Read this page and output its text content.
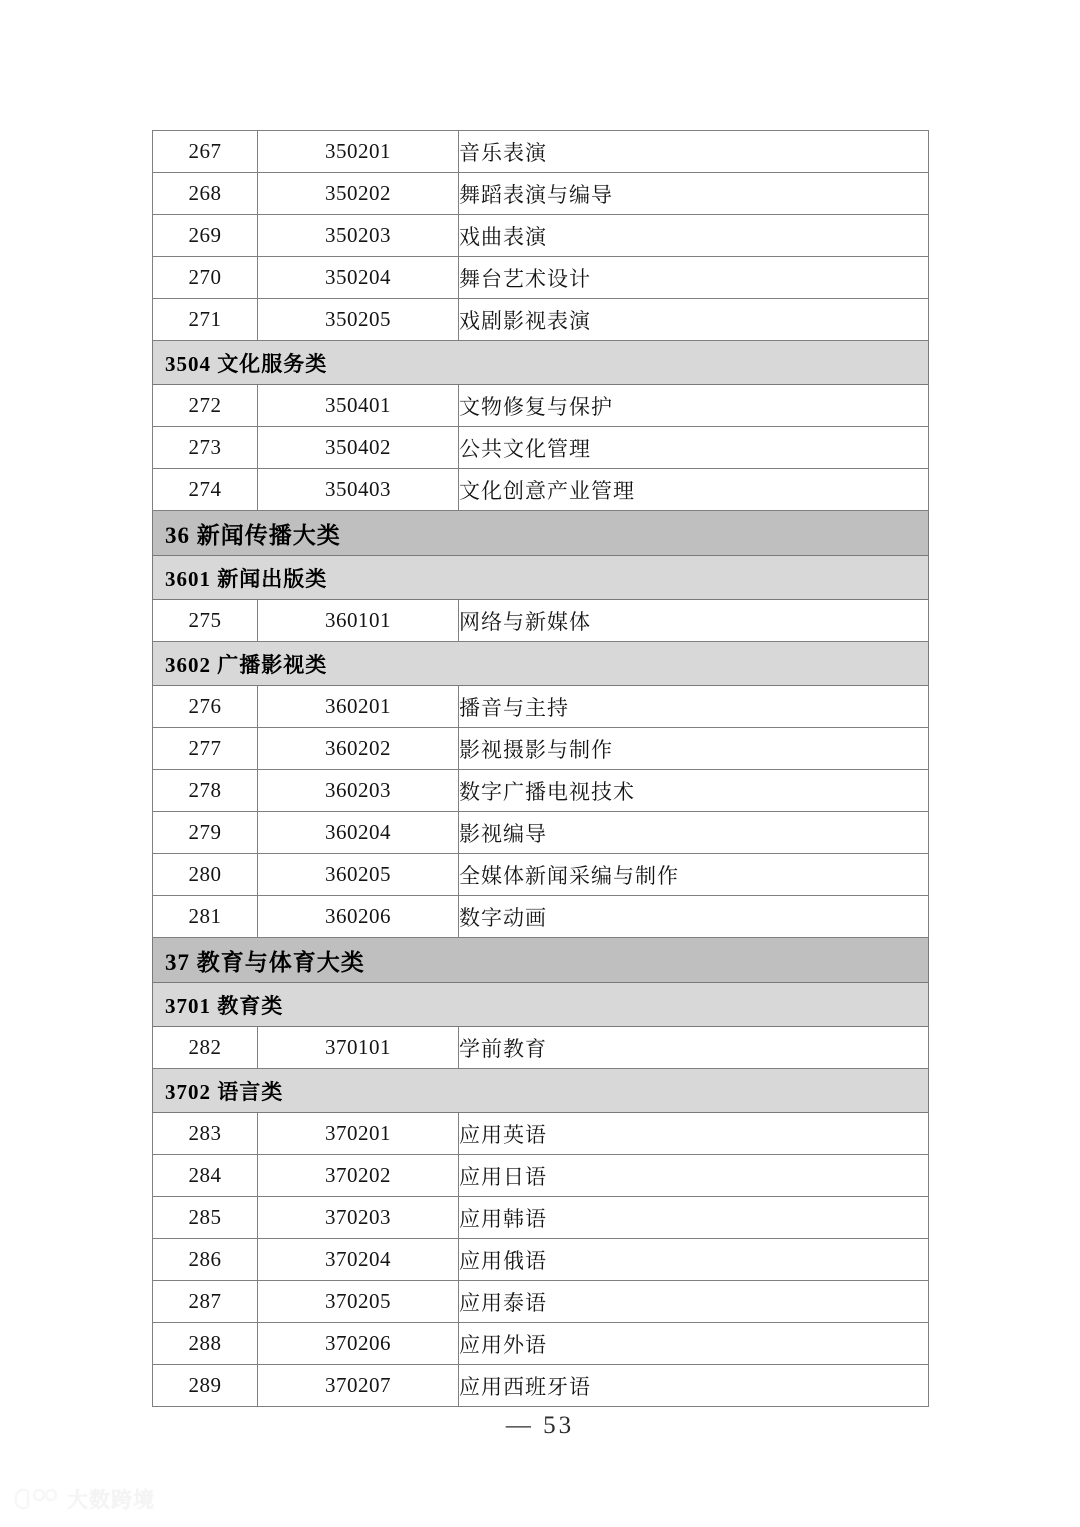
267	350201	音乐表演
268	350202	舞蹈表演与编导
269	350203	戏曲表演
270	350204	舞台艺术设计
271	350205	戏剧影视表演
3504 文化服务类		
272	350401	文物修复与保护
273	350402	公共文化管理
274	350403	文化创意产业管理
36 新闻传播大类		
3601 新闻出版类		
275	360101	网络与新媒体
3602 广播影视类		
276	360201	播音与主持
277	360202	影视摄影与制作
278	360203	数字广播电视技术
279	360204	影视编导
280	360205	全媒体新闻采编与制作
281	360206	数字动画
37 教育与体育大类		
3701 教育类		
282	370101	学前教育
3702 语言类		
283	370201	应用英语
284	370202	应用日语
285	370203	应用韩语
286	370204	应用俄语
287	370205	应用泰语
288	370206	应用外语
289	370207	应用西班牙语
— 53
大数跨境
